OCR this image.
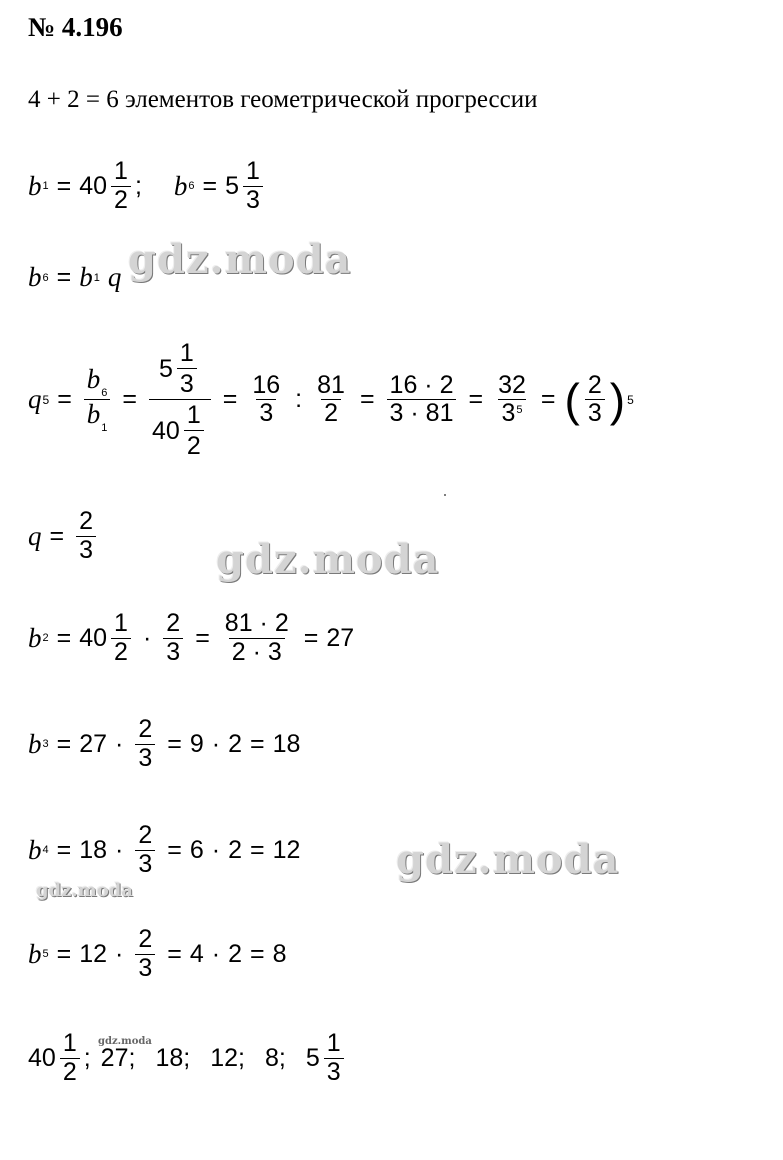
№ 4.196
4 + 2 = 6 элементов геометрической прогрессии
b $1 = 40 \frac{1}{2}$ ; b $6 = 5 \frac{1}{3}$
b 6 = b 1 q
q $5 = \frac{b_6}{b_1} = \frac{5 \frac{1}{3}}{40 \frac{1}{2}} = \frac{16}{3}$ : $\frac{81}{2} = \frac{16 \cdot 2}{3 \cdot 81} = \frac{32}{3^5}$ = ( $\frac{2}{3}$ ) 5
$q = \frac{2}{3}$
b $2 = 40 \frac{1}{2} \cdot \frac{2}{3} = \frac{81 \cdot 2}{2 \cdot 3} = 27$
b $3 = 27 \cdot \frac{2}{3} = 9 \cdot 2 = 18$
b $4 = 18 \cdot \frac{2}{3} = 6 \cdot 2 = 12$
b $5 = 12 \cdot \frac{2}{3} = 4 \cdot 2 = 8$
$40 \frac{1}{2}$ ; 27 ; 18 ; 12 ; 8 ; $5 \frac{1}{3}$
gdz.moda
gdz.moda
gdz.moda
gdz.moda
gdz.moda
